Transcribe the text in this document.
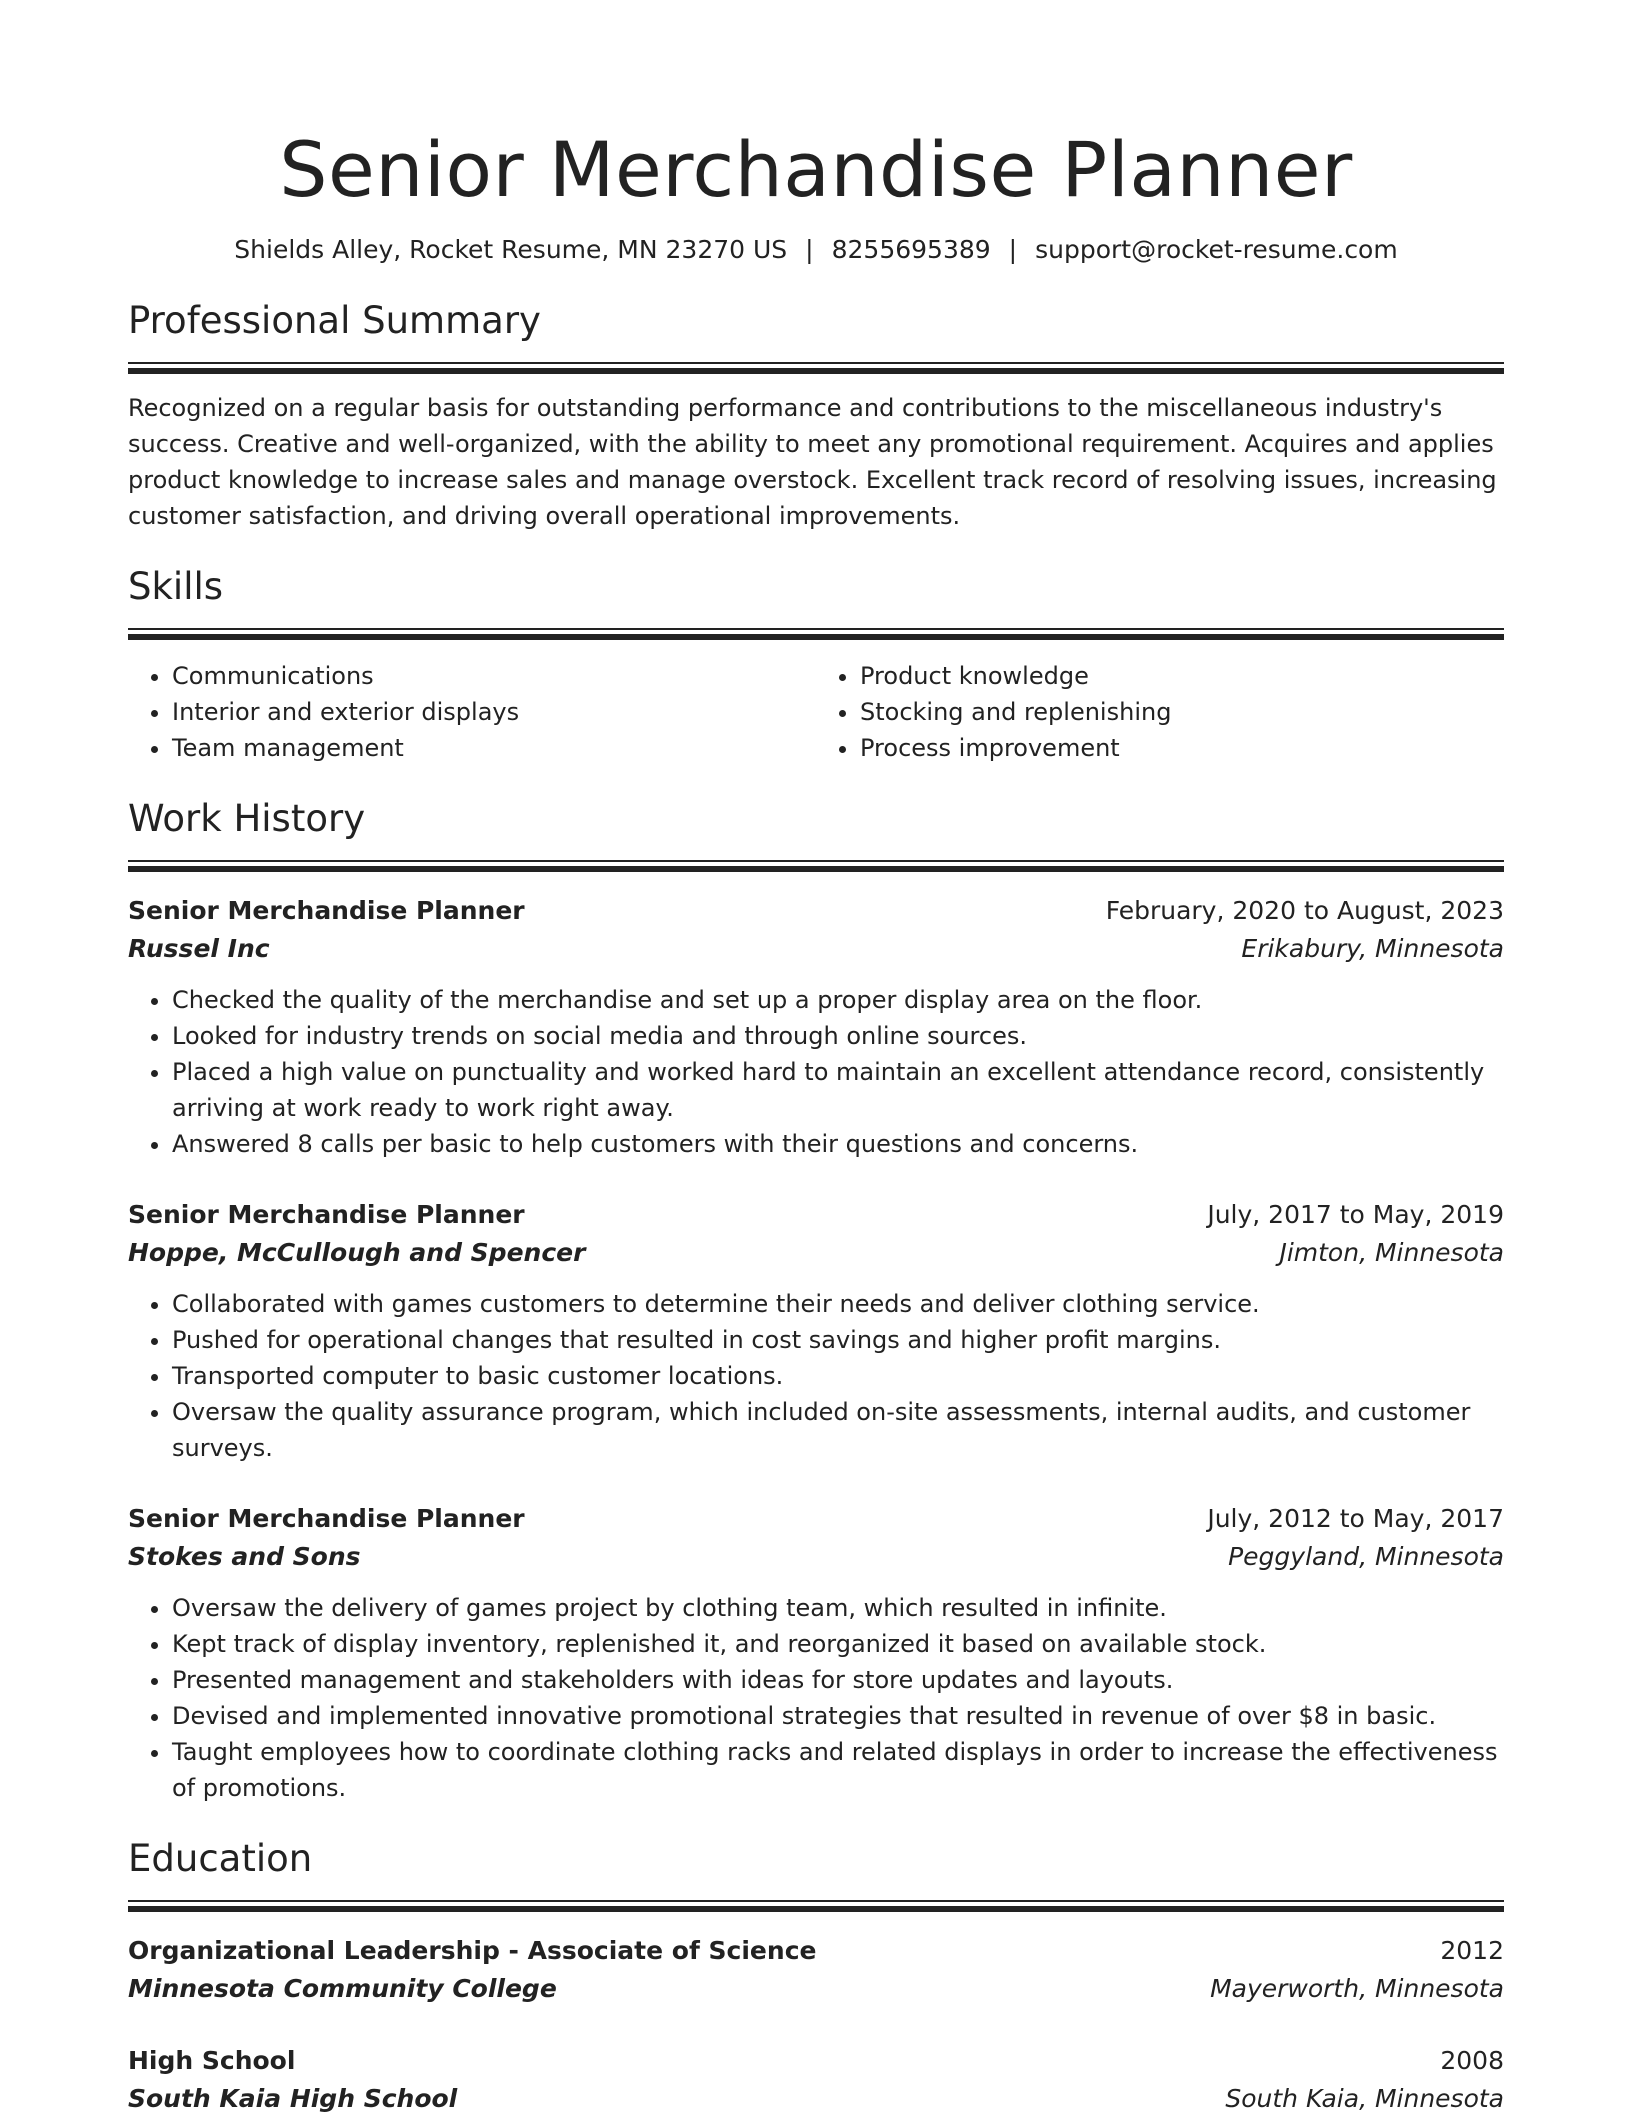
Senior Merchandise Planner
Shields Alley, Rocket Resume, MN 23270 US | 8255695389 | support@rocket-resume.com
Professional Summary

Recognized on a regular basis for outstanding performance and contributions to the miscellaneous industry's success. Creative and well-organized, with the ability to meet any promotional requirement. Acquires and applies product knowledge to increase sales and manage overstock. Excellent track record of resolving issues, increasing customer satisfaction, and driving overall operational improvements.

Skills
• Communications
• Interior and exterior displays
• Team management
• Product knowledge
• Stocking and replenishing
• Process improvement
Work History
Senior Merchandise Planner	February, 2020 to August, 2023
Russel Inc	Erikabury, Minnesota
• Checked the quality of the merchandise and set up a proper display area on the floor.
• Looked for industry trends on social media and through online sources.
• Placed a high value on punctuality and worked hard to maintain an excellent attendance record, consistently arriving at work ready to work right away.
• Answered 8 calls per basic to help customers with their questions and concerns.
Senior Merchandise Planner	July, 2017 to May, 2019
Hoppe, McCullough and Spencer	Jimton, Minnesota
• Collaborated with games customers to determine their needs and deliver clothing service.
• Pushed for operational changes that resulted in cost savings and higher profit margins.
• Transported computer to basic customer locations.
• Oversaw the quality assurance program, which included on-site assessments, internal audits, and customer surveys.
Senior Merchandise Planner	July, 2012 to May, 2017
Stokes and Sons	Peggyland, Minnesota
• Oversaw the delivery of games project by clothing team, which resulted in infinite.
• Kept track of display inventory, replenished it, and reorganized it based on available stock.
• Presented management and stakeholders with ideas for store updates and layouts.
• Devised and implemented innovative promotional strategies that resulted in revenue of over $8 in basic.
• Taught employees how to coordinate clothing racks and related displays in order to increase the effectiveness of promotions.
Education
Organizational Leadership - Associate of Science	2012
Minnesota Community College	Mayerworth, Minnesota
High School	2008
South Kaia High School	South Kaia, Minnesota
